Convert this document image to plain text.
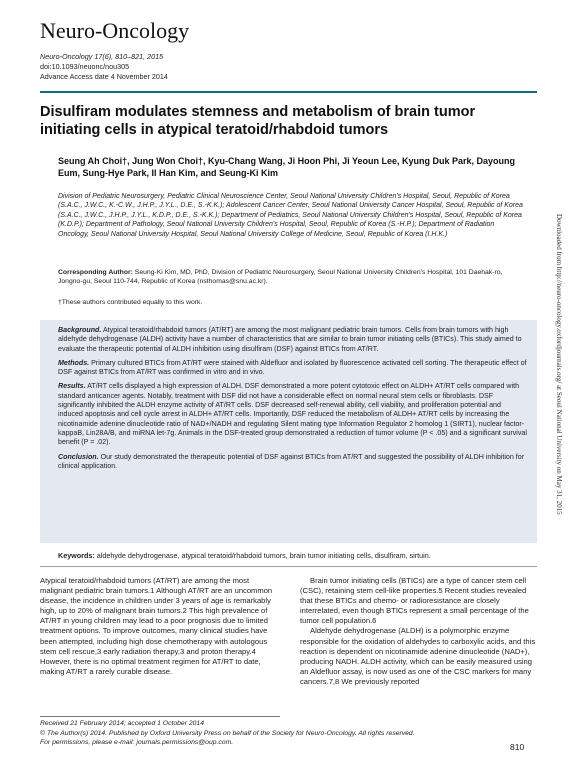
Neuro-Oncology
Neuro-Oncology 17(6), 810–821, 2015
doi:10.1093/neuonc/nou305
Advance Access date 4 November 2014
Disulfiram modulates stemness and metabolism of brain tumor initiating cells in atypical teratoid/rhabdoid tumors
Seung Ah Choi†, Jung Won Choi†, Kyu-Chang Wang, Ji Hoon Phi, Ji Yeoun Lee, Kyung Duk Park, Dayoung Eum, Sung-Hye Park, Il Han Kim, and Seung-Ki Kim
Division of Pediatric Neurosurgery, Pediatric Clinical Neuroscience Center, Seoul National University Children's Hospital, Seoul, Republic of Korea (S.A.C., J.W.C., K.-C.W., J.H.P., J.Y.L., D.E., S.-K.K.); Adolescent Cancer Center, Seoul National University Cancer Hospital, Seoul, Republic of Korea (S.A.C., J.W.C., J.H.P., J.Y.L., K.D.P., D.E., S.-K.K.); Department of Pediatrics, Seoul National University Children's Hospital, Seoul, Republic of Korea (K.D.P.); Department of Pathology, Seoul National University Children's Hospital, Seoul, Republic of Korea (S.-H.P.); Department of Radiation Oncology, Seoul National University Hospital, Seoul National University College of Medicine, Seoul, Republic of Korea (I.H.K.)
Corresponding Author: Seung-Ki Kim, MD, PhD, Division of Pediatric Neurosurgery, Seoul National University Children's Hospital, 101 Daehak-ro, Jongno-gu, Seoul 110-744, Republic of Korea (nsthomas@snu.ac.kr).
†These authors contributed equally to this work.

Background. Atypical teratoid/rhabdoid tumors (AT/RT) are among the most malignant pediatric brain tumors. Cells from brain tumors with high aldehyde dehydrogenase (ALDH) activity have a number of characteristics that are similar to brain tumor initiating cells (BTICs). This study aimed to evaluate the therapeutic potential of ALDH inhibition using disulfiram (DSF) against BTICs from AT/RT.

Methods. Primary cultured BTICs from AT/RT were stained with Aldefluor and isolated by fluorescence activated cell sorting. The therapeutic effect of DSF against BTICs from AT/RT was confirmed in vitro and in vivo.

Results. AT/RT cells displayed a high expression of ALDH. DSF demonstrated a more potent cytotoxic effect on ALDH+ AT/RT cells compared with standard anticancer agents. Notably, treatment with DSF did not have a considerable effect on normal neural stem cells or fibroblasts. DSF significantly inhibited the ALDH enzyme activity of AT/RT cells. DSF decreased self-renewal ability, cell viability, and proliferation potential and induced apoptosis and cell cycle arrest in ALDH+ AT/RT cells. Importantly, DSF reduced the metabolism of ALDH+ AT/RT cells by increasing the nicotinamide adenine dinucleotide ratio of NAD+/NADH and regulating Silent mating type Information Regulator 2 homolog 1 (SIRT1), nuclear factor-kappaB, Lin28A/B, and miRNA let-7g. Animals in the DSF-treated group demonstrated a reduction of tumor volume (P < .05) and a significant survival benefit (P = .02).

Conclusion. Our study demonstrated the therapeutic potential of DSF against BTICs from AT/RT and suggested the possibility of ALDH inhibition for clinical application.

Keywords: aldehyde dehydrogenase, atypical teratoid/rhabdoid tumors, brain tumor initiating cells, disulfiram, sirtuin.

Atypical teratoid/rhabdoid tumors (AT/RT) are among the most malignant pediatric brain tumors.1 Although AT/RT are an uncommon disease, the incidence in children under 3 years of age is remarkably high, up to 20% of malignant brain tumors.2 This high prevalence of AT/RT in young children may lead to a poor prognosis due to limited treatment options. To improve outcomes, many clinical studies have been attempted, including high dose chemotherapy with autologous stem cell rescue,3 early radiation therapy,3 and proton therapy.4 However, there is no optimal treatment regimen for AT/RT to date, making AT/RT a rarely curable disease.

Brain tumor initiating cells (BTICs) are a type of cancer stem cell (CSC), retaining stem cell-like properties.5 Recent studies revealed that these BTICs and chemo- or radioresistance are closely interrelated, even though BTICs represent a small percentage of the tumor cell population.6

Aldehyde dehydrogenase (ALDH) is a polymorphic enzyme responsible for the oxidation of aldehydes to carboxylic acids, and this reaction is dependent on nicotinamide adenine dinucleotide (NAD+), producing NADH. ALDH activity, which can be easily measured using an Aldefluor assay, is now used as one of the CSC markers for many cancers.7,8 We previously reported

Received 21 February 2014; accepted 1 October 2014
© The Author(s) 2014. Published by Oxford University Press on behalf of the Society for Neuro-Oncology. All rights reserved.
For permissions, please e-mail: journals.permissions@oup.com.	810
Downloaded from http://neuro-oncology.oxfordjournals.org/ at Seoul National University on May 31, 2015
